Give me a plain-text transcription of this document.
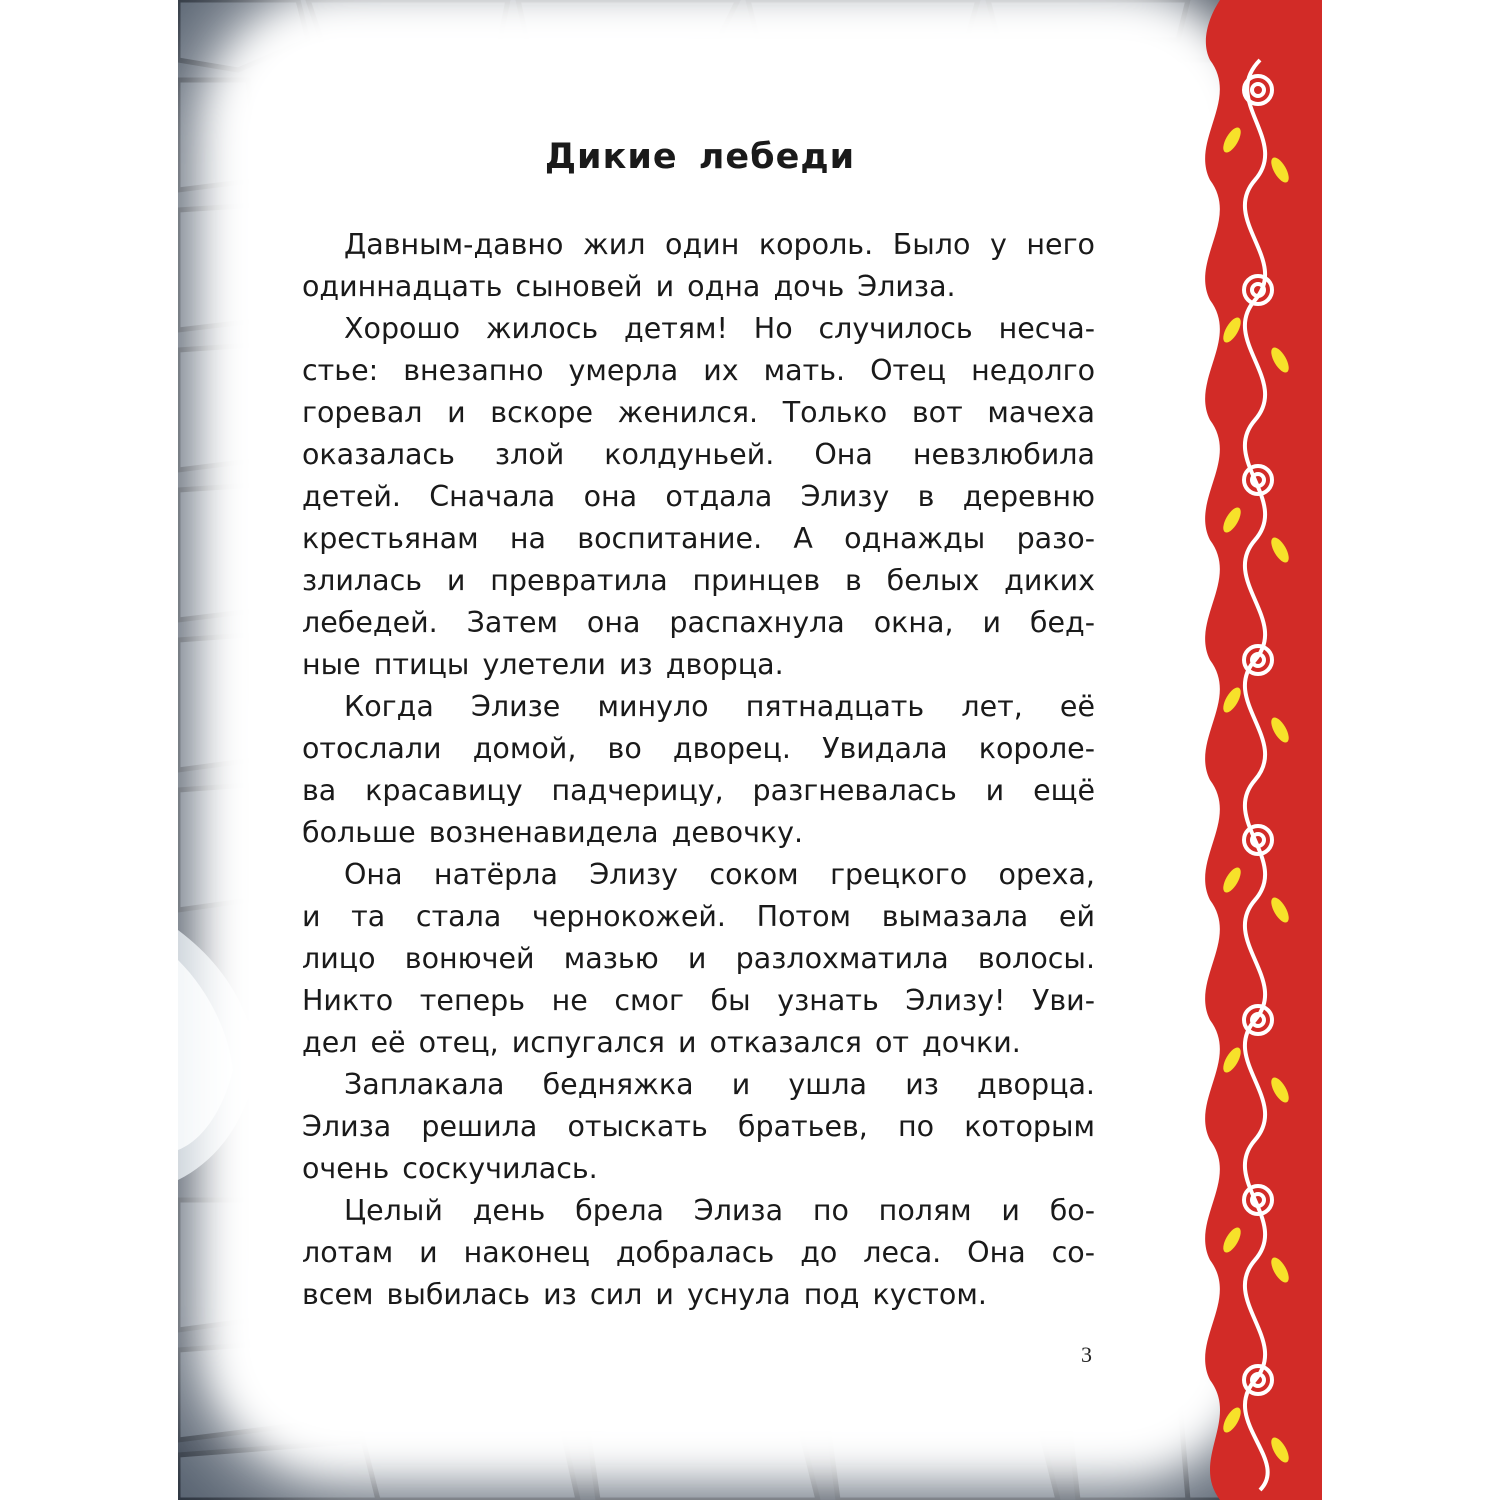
Дикие лебеди

Давным-давно жил один король. Было у него
одиннадцать сыновей и одна дочь Элиза.

Хорошо жилось детям! Но случилось несча-
стье: внезапно умерла их мать. Отец недолго
горевал и вскоре женился. Только вот мачеха
оказалась злой колдуньей. Она невзлюбила
детей. Сначала она отдала Элизу в деревню
крестьянам на воспитание. А однажды разо-
злилась и превратила принцев в белых диких
лебедей. Затем она распахнула окна, и бед-
ные птицы улетели из дворца.

Когда Элизе минуло пятнадцать лет, её
отослали домой, во дворец. Увидала короле-
ва красавицу падчерицу, разгневалась и ещё
больше возненавидела девочку.

Она натёрла Элизу соком грецкого ореха,
и та стала чернокожей. Потом вымазала ей
лицо вонючей мазью и разлохматила волосы.
Никто теперь не смог бы узнать Элизу! Уви-
дел её отец, испугался и отказался от дочки.

Заплакала бедняжка и ушла из дворца.
Элиза решила отыскать братьев, по которым
очень соскучилась.

Целый день брела Элиза по полям и бо-
лотам и наконец добралась до леса. Она со-
всем выбилась из сил и уснула под кустом.

3
